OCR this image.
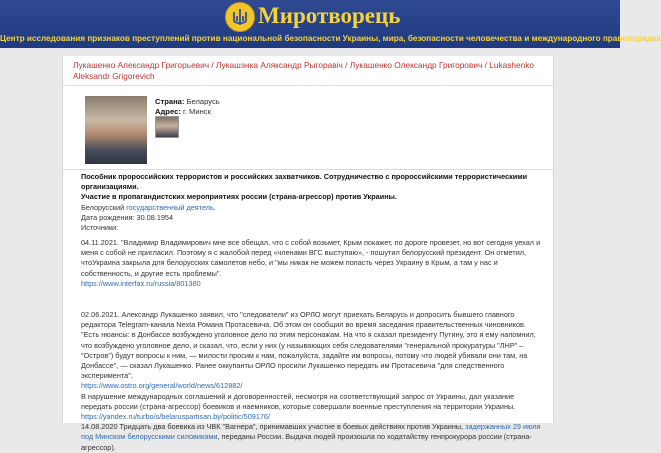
Миротворець
Центр исследования признаков преступлений против национальной безопасности Украины, мира, безопасности человечества и международного правопорядка
Лукашенко Александр Григорьевич / Лукашэнка Аляксандр Рыгоравіч / Лукашенко Олександр Григорович / Lukashenko Aleksandr Grigorevich
Страна: Беларусь
Адрес: г. Минск
Пособник пророссийских террористов и российских захватчиков. Сотрудничество с пророссийскими террористическими организациями.
Участие в пропагандистских мероприятиях россии (страна-агрессор) против Украины.
Белорусский государственный деятель.
Дата рождения: 30.08.1954
Источники:
04.11.2021. "Владимир Владимирович мне все обещал, что с собой возьмет, Крым покажет, по дороге провезет, но вот сегодня уехал и меня с собой не пригласил. Поэтому я с жалобой перед «членами ВГС выступаю», - пошутил белорусский президент. Он отметил, чтоУкраина закрыла для белорусских самолетов небо, и "мы никак не можем попасть через Украину в Крым, а там у нас и собственность, и другие есть проблемы".
https://www.interfax.ru/russia/801380
02.06.2021. Александр Лукашенко заявил, что "следователи" из ОРЛО могут приехать Беларусь и допросить бывшего главного редактора Telegram-канала Nexta Романа Протасевича. Об этом он сообщил во время заседания правительственных чиновников.
"Есть нюансы: в Донбассе возбуждено уголовное дело по этим персонажам. На что я сказал президенту Путину, это я ему напомнил, что возбуждено уголовное дело, и сказал, что, если у них (у называющих себя следователями "генеральной прокуратуры "ЛНР" – "Остров") будут вопросы к ним, — милости просим к нам, пожалуйста, задайте им вопросы, потому что людей убивали они там, на Донбассе", — сказал Лукашенко. Ранее оккупанты ОРЛО просили Лукашенко передать им Протасевича "для следственного эксперимента".
https://www.ostro.org/general/world/news/612882/
В нарушение международных соглашений и договоренностей, несмотря на соответствующий запрос от Украины, дал указание передать россии (страна-агрессор) боевиков и наемников, которые совершали военные преступления на территории Украины.
https://yandex.ru/turbo/s/belaruspartisan.by/politic/509176/
14.08.2020 Тридцать два боевика из ЧВК "Вагнера", принимавших участие в боевых действиях против Украины, задержанных 29 июля под Минском белорусскими силовиками, переданы России. Выдача людей произошла по ходатайству генпрокурора россии (страна-агрессор).
